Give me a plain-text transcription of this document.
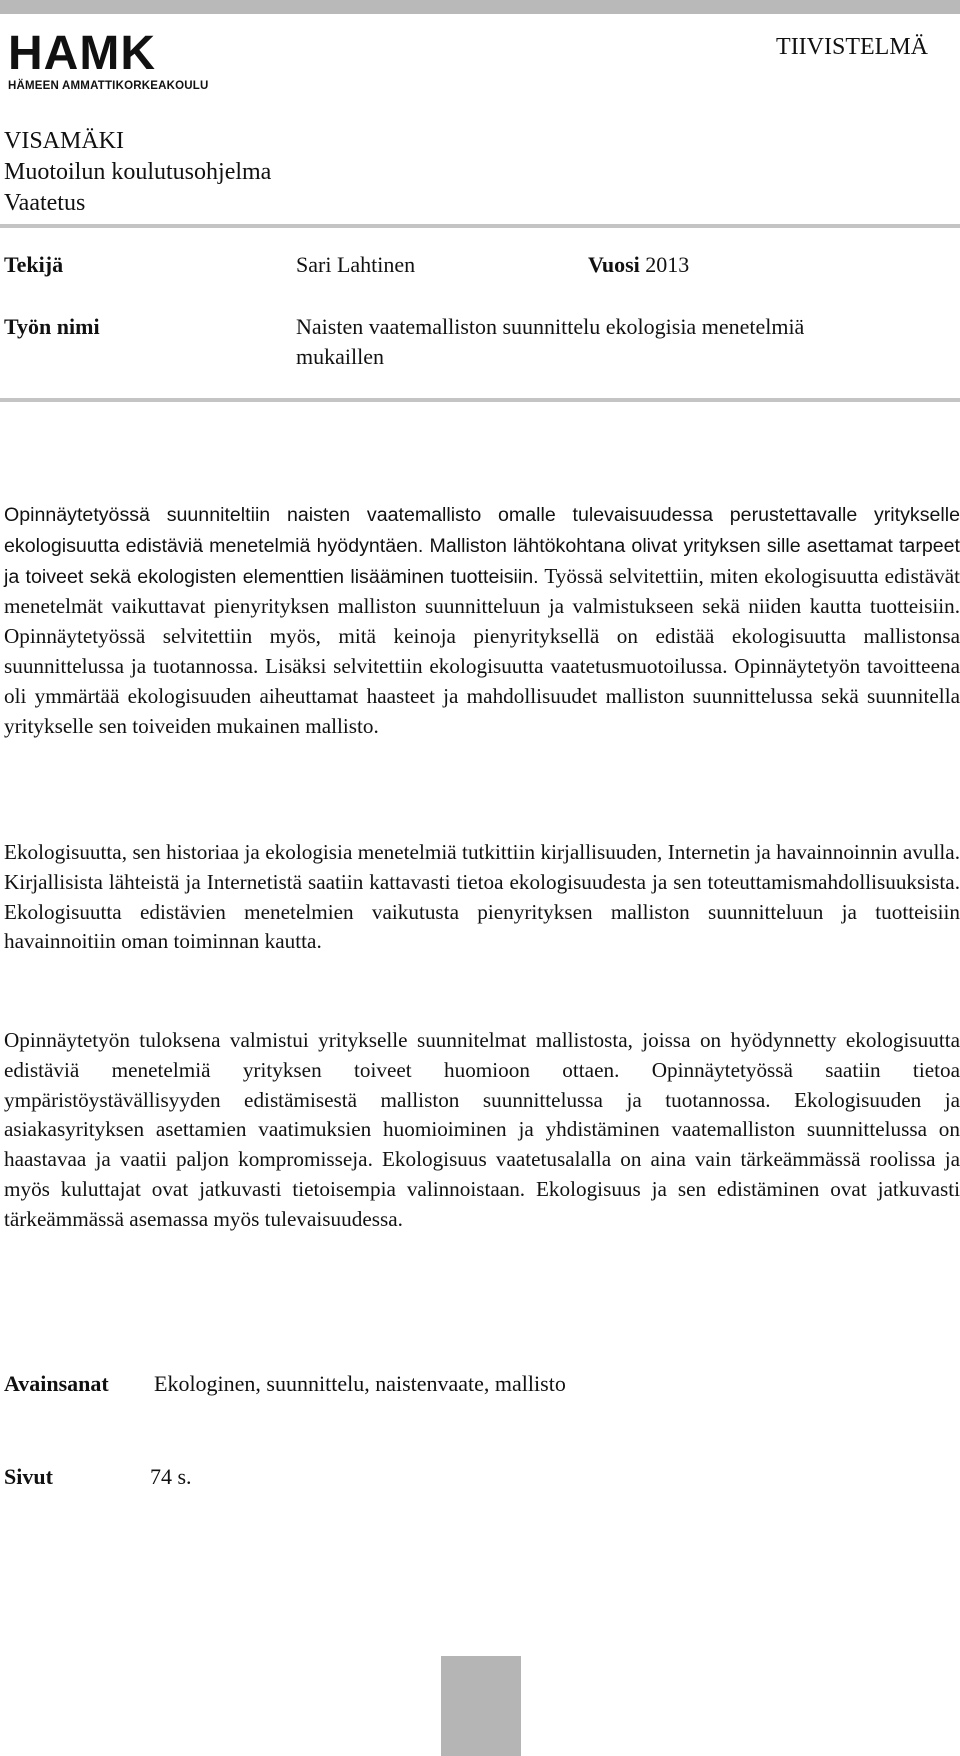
HAMK
HÄMEEN AMMATTIKORKEAKOULU
TIIVISTELMÄ
VISAMÄKI
Muotoilun koulutusohjelma
Vaatetus
Tekijä	Sari Lahtinen	Vuosi 2013
Työn nimi	Naisten vaatemalliston suunnittelu ekologisia menetelmiä
mukaillen
Opinnäytetyössä suunniteltiin naisten vaatemallisto omalle tulevaisuudessa perustettavalle yritykselle ekologisuutta edistäviä menetelmiä hyödyntäen. Malliston lähtökohtana olivat yrityksen sille asettamat tarpeet ja toiveet sekä ekologisten elementtien lisääminen tuotteisiin. Työssä selvitettiin, miten ekologisuutta edistävät menetelmät vaikuttavat pienyrityksen malliston suunnitteluun ja valmistukseen sekä niiden kautta tuotteisiin. Opinnäytetyössä selvitettiin myös, mitä keinoja pienyrityksellä on edistää ekologisuutta mallistonsa suunnittelussa ja tuotannossa. Lisäksi selvitettiin ekologisuutta vaatetusmuotoilussa. Opinnäytetyön tavoitteena oli ymmärtää ekologisuuden aiheuttamat haasteet ja mahdollisuudet malliston suunnittelussa sekä suunnitella yritykselle sen toiveiden mukainen mallisto.
Ekologisuutta, sen historiaa ja ekologisia menetelmiä tutkittiin kirjallisuuden, Internetin ja havainnoinnin avulla. Kirjallisista lähteistä ja Internetistä saatiin kattavasti tietoa ekologisuudesta ja sen toteuttamismahdollisuuksista. Ekologisuutta edistävien menetelmien vaikutusta pienyrityksen malliston suunnitteluun ja tuotteisiin havainnoitiin oman toiminnan kautta.
Opinnäytetyön tuloksena valmistui yritykselle suunnitelmat mallistosta, joissa on hyödynnetty ekologisuutta edistäviä menetelmiä yrityksen toiveet huomioon ottaen. Opinnäytetyössä saatiin tietoa ympäristöystävällisyyden edistämisestä malliston suunnittelussa ja tuotannossa. Ekologisuuden ja asiakasyrityksen asettamien vaatimuksien huomioiminen ja yhdistäminen vaatemalliston suunnittelussa on haastavaa ja vaatii paljon kompromisseja. Ekologisuus vaatetusalalla on aina vain tärkeämmässä roolissa ja myös kuluttajat ovat jatkuvasti tietoisempia valinnoistaan. Ekologisuus ja sen edistäminen ovat jatkuvasti tärkeämmässä asemassa myös tulevaisuudessa.
Avainsanat Ekologinen, suunnittelu, naistenvaate, mallisto
Sivut	74 s.
